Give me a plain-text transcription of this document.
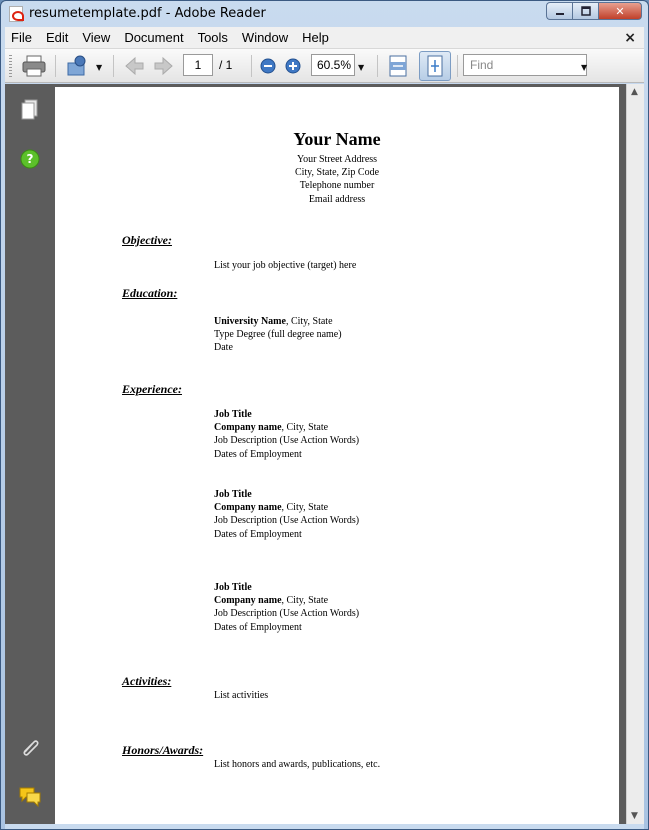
resumetemplate.pdf - Adobe Reader	✕
File	Edit	View	Document	Tools	Window	Help	×
▼	1	/ 1	60.5% ▼	Find	▼
?
Your Name
Your Street Address
City, State, Zip Code
Telephone number
Email address
Objective:
List your job objective (target) here
Education:
University Name, City, State
Type Degree (full degree name)
Date
Experience:
Job Title
Company name, City, State
Job Description (Use Action Words)
Dates of Employment
Job Title
Company name, City, State
Job Description (Use Action Words)
Dates of Employment
Job Title
Company name, City, State
Job Description (Use Action Words)
Dates of Employment
Activities:
List activities
Honors/Awards:
List honors and awards, publications, etc.
▲
▼
